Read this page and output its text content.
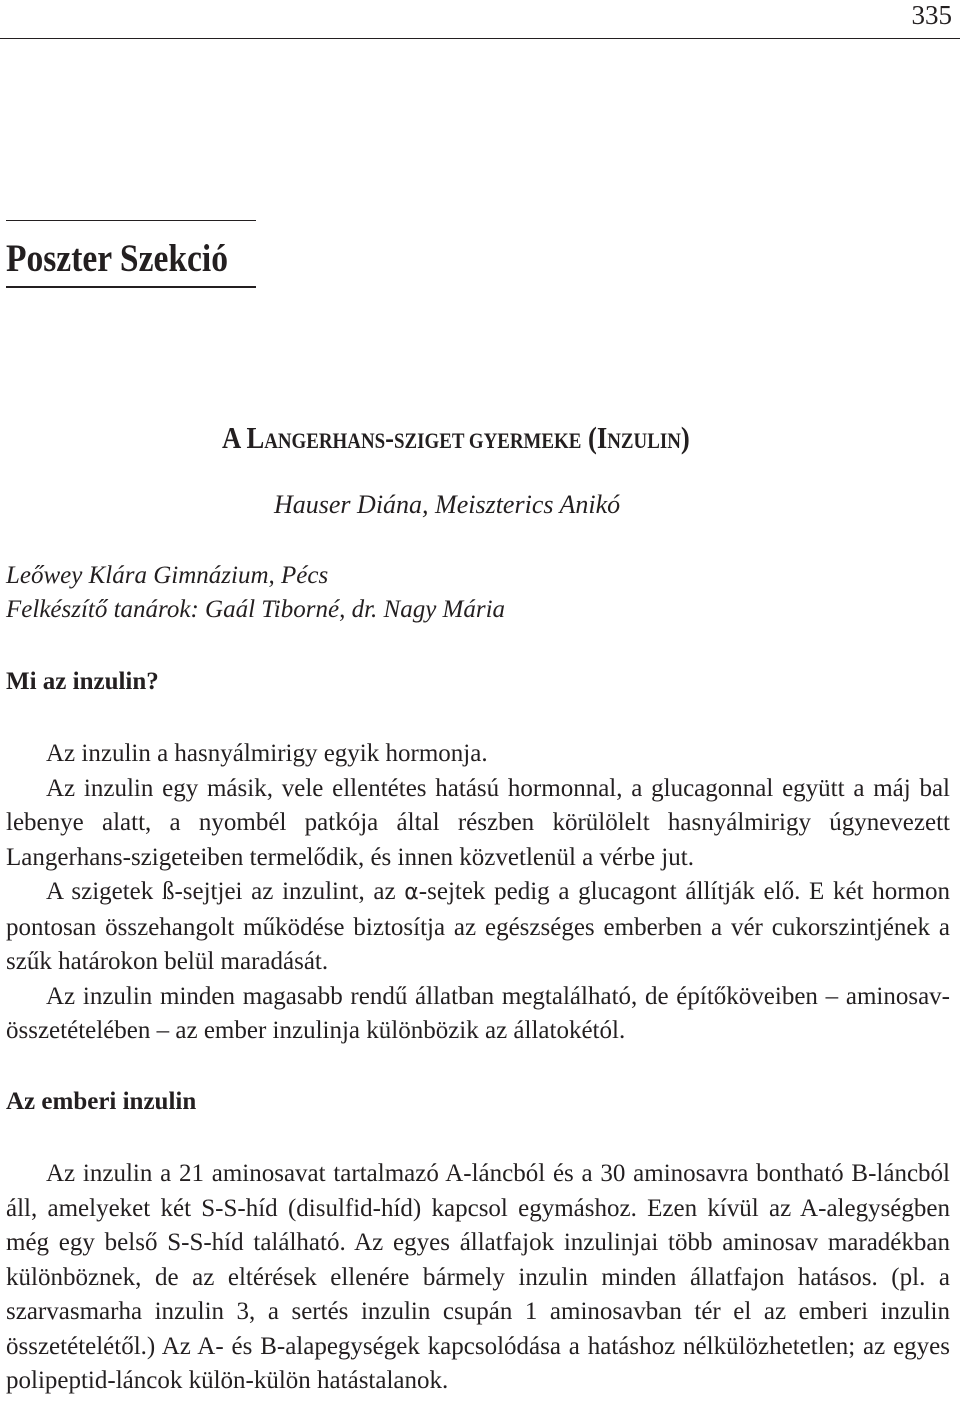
335
Poszter Szekció
A LANGERHANS-SZIGET GYERMEKE (INZULIN)
Hauser Diána, Meiszterics Anikó
Leőwey Klára Gimnázium, Pécs
Felkészítő tanárok: Gaál Tiborné, dr. Nagy Mária
Mi az inzulin?

Az inzulin a hasnyálmirigy egyik hormonja.

Az inzulin egy másik, vele ellentétes hatású hormonnal, a glucagonnal együtt a máj bal lebenye alatt, a nyombél patkója által részben körülölelt hasnyálmirigy úgynevezett Langerhans-szigeteiben termelődik, és innen közvetlenül a vérbe jut.

A szigetek ß-sejtjei az inzulint, az α-sejtek pedig a glucagont állítják elő. E két hormon pontosan összehangolt működése biztosítja az egészséges emberben a vér cukorszintjének a szűk határokon belül maradását.

Az inzulin minden magasabb rendű állatban megtalálható, de építőköveiben – aminosav-összetételében – az ember inzulinja különbözik az állatokétól.

Az emberi inzulin

Az inzulin a 21 aminosavat tartalmazó A-láncból és a 30 aminosavra bontható B-láncból áll, amelyeket két S-S-híd (disulfid-híd) kapcsol egymáshoz. Ezen kívül az A-alegységben még egy belső S-S-híd található. Az egyes állatfajok inzulinjai több aminosav maradékban különböznek, de az eltérések ellenére bármely inzulin minden állatfajon hatásos. (pl. a szarvasmarha inzulin 3, a sertés inzulin csupán 1 aminosavban tér el az emberi inzulin összetételétől.) Az A- és B-alapegységek kapcsolódása a hatáshoz nélkülözhetetlen; az egyes polipeptid-láncok külön-külön hatástalanok.
